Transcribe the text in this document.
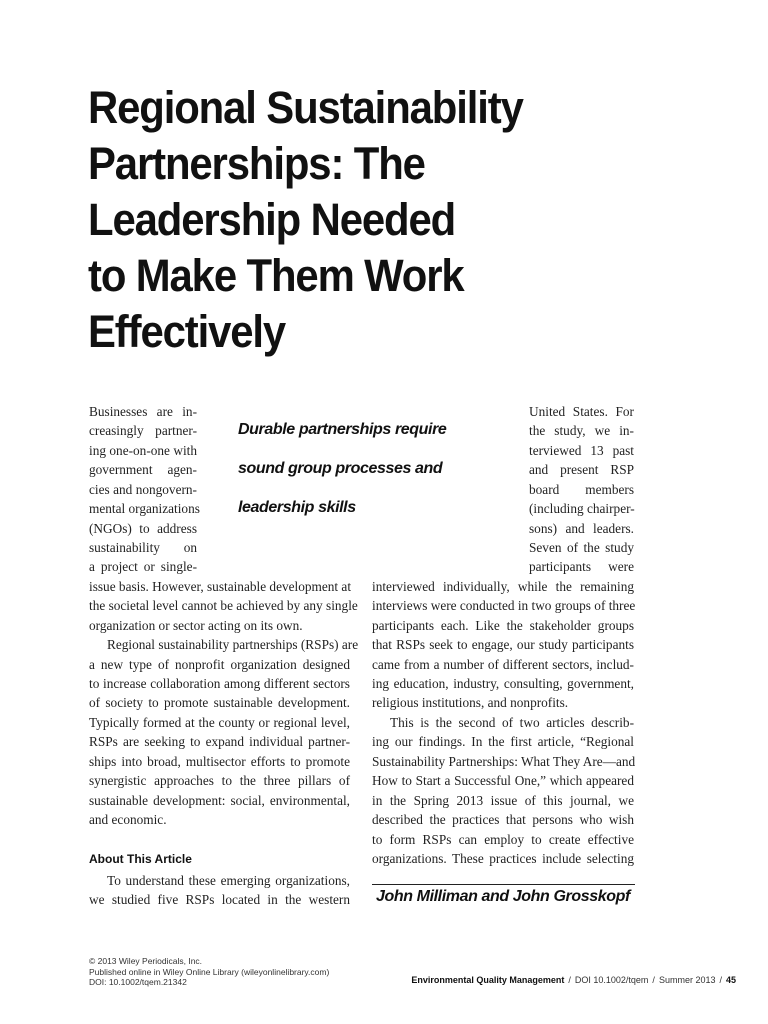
Regional Sustainability
Partnerships: The
Leadership Needed
to Make Them Work
Effectively
Durable partnerships require
sound group processes and
leadership skills
Businesses are in-
creasingly partner-
ing one-on-one with
government agen-
cies and nongovern-
mental organizations
(NGOs) to address
sustainability on
a project or single-
issue basis. However, sustainable development at
the societal level cannot be achieved by any single
organization or sector acting on its own.
Regional sustainability partnerships (RSPs) are
a new type of nonprofit organization designed
to increase collaboration among different sectors
of society to promote sustainable development.
Typically formed at the county or regional level,
RSPs are seeking to expand individual partner-
ships into broad, multisector efforts to promote
synergistic approaches to the three pillars of
sustainable development: social, environmental,
and economic.
About This Article
To understand these emerging organizations,
we studied five RSPs located in the western
United States. For
the study, we in-
terviewed 13 past
and present RSP
board members
(including chairper-
sons) and leaders.
Seven of the study
participants were
interviewed individually, while the remaining
interviews were conducted in two groups of three
participants each. Like the stakeholder groups
that RSPs seek to engage, our study participants
came from a number of different sectors, includ-
ing education, industry, consulting, government,
religious institutions, and nonprofits.
This is the second of two articles describ-
ing our findings. In the first article, “Regional
Sustainability Partnerships: What They Are—and
How to Start a Successful One,” which appeared
in the Spring 2013 issue of this journal, we
described the practices that persons who wish
to form RSPs can employ to create effective
organizations. These practices include selecting
John Milliman and John Grosskopf
© 2013 Wiley Periodicals, Inc.
Published online in Wiley Online Library (wileyonlinelibrary.com)
DOI: 10.1002/tqem.21342	Environmental Quality Management / DOI 10.1002/tqem / Summer 2013 / 45
